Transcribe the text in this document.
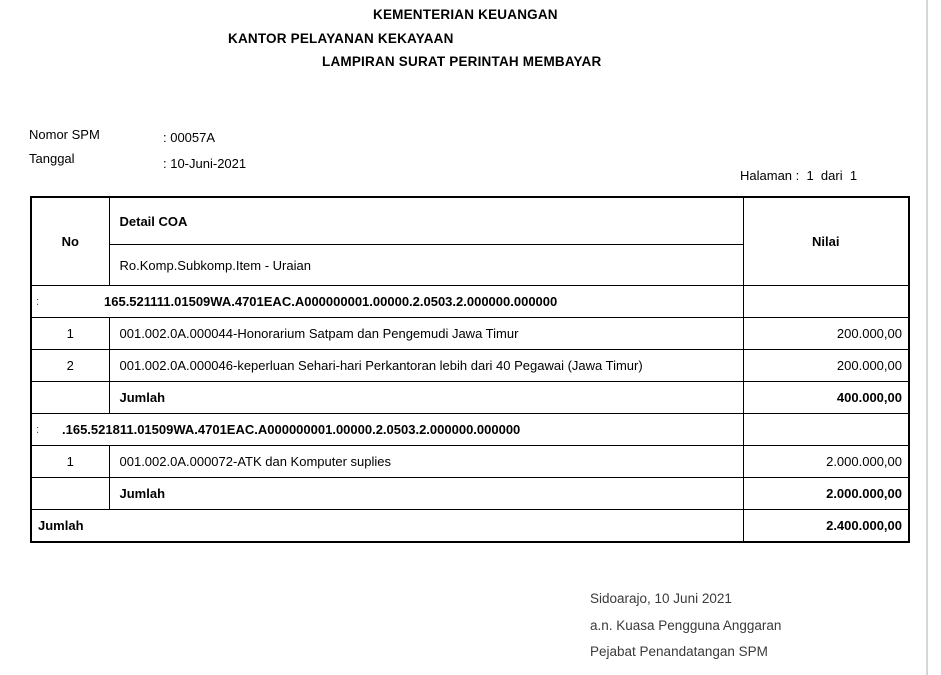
KEMENTERIAN KEUANGAN
KANTOR PELAYANAN KEKAYAAN
LAMPIRAN SURAT PERINTAH MEMBAYAR
Nomor SPM	: 00057A
Tanggal	: 10-Juni-2021
Halaman :  1  dari  1
No	Detail COA	Nilai
	Ro.Komp.Subkomp.Item - Uraian	

: 165.521111.01509WA.4701EAC.A000000001.00000.2.0503.2.000000.000000		
1	001.002.0A.000044-Honorarium Satpam dan Pengemudi Jawa Timur	200.000,00
2	001.002.0A.000046-keperluan Sehari-hari Perkantoran lebih dari 40 Pegawai (Jawa Timur)	200.000,00
	Jumlah	400.000,00

: .165.521811.01509WA.4701EAC.A000000001.00000.2.0503.2.000000.000000		
1	001.002.0A.000072-ATK dan Komputer suplies	2.000.000,00
	Jumlah	2.000.000,00
Jumlah		2.400.000,00
Sidoarajo, 10 Juni 2021
a.n. Kuasa Pengguna Anggaran
Pejabat Penandatangan SPM
